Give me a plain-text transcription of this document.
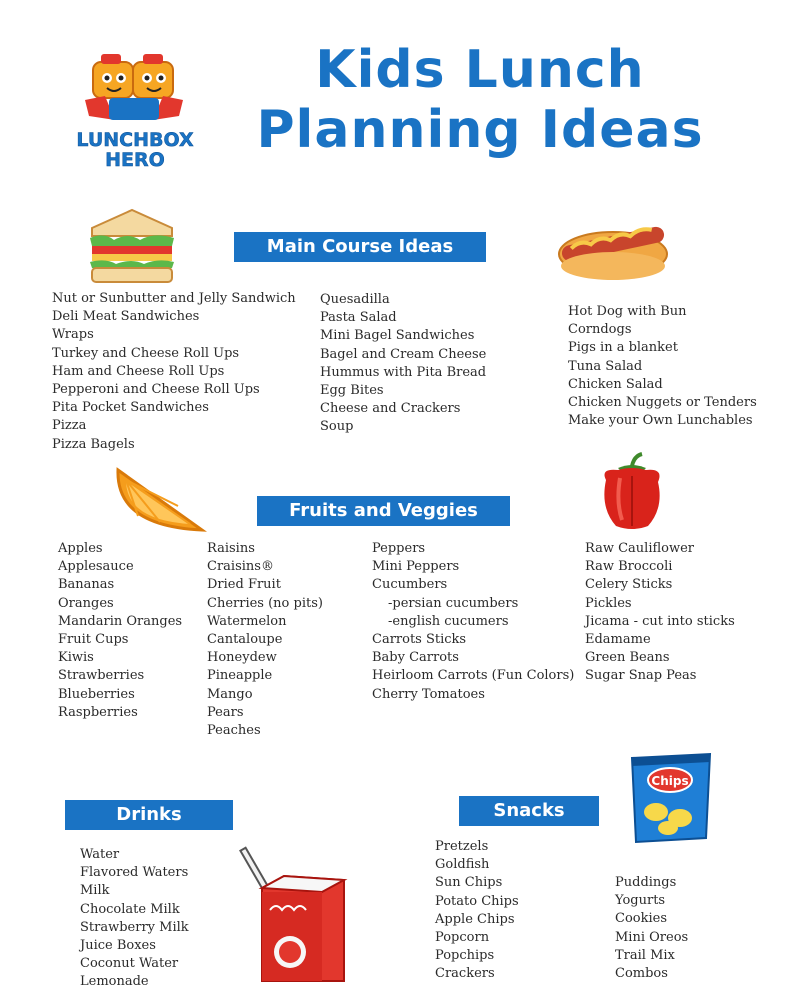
LUNCHBOX
HERO
Kids Lunch
Planning Ideas
Chips
Main Course Ideas
Nut or Sunbutter and Jelly Sandwich
Deli Meat Sandwiches
Wraps
Turkey and Cheese Roll Ups
Ham and Cheese Roll Ups
Pepperoni and Cheese Roll Ups
Pita Pocket Sandwiches
Pizza
Pizza Bagels
Quesadilla
Pasta Salad
Mini Bagel Sandwiches
Bagel and Cream Cheese
Hummus with Pita Bread
Egg Bites
Cheese and Crackers
Soup
Hot Dog with Bun
Corndogs
Pigs in a blanket
Tuna Salad
Chicken Salad
Chicken Nuggets or Tenders
Make your Own Lunchables
Fruits and Veggies
Apples
Applesauce
Bananas
Oranges
Mandarin Oranges
Fruit Cups
Kiwis
Strawberries
Blueberries
Raspberries
Raisins
Craisins®
Dried Fruit
Cherries (no pits)
Watermelon
Cantaloupe
Honeydew
Pineapple
Mango
Pears
Peaches
Peppers
Mini Peppers
Cucumbers
-persian cucumbers
-english cucumers
Carrots Sticks
Baby Carrots
Heirloom Carrots (Fun Colors)
Cherry Tomatoes
Raw Cauliflower
Raw Broccoli
Celery Sticks
Pickles
Jicama - cut into sticks
Edamame
Green Beans
Sugar Snap Peas
Drinks
Water
Flavored Waters
Milk
Chocolate Milk
Strawberry Milk
Juice Boxes
Coconut Water
Lemonade
Snacks
Pretzels
Goldfish
Sun Chips
Potato Chips
Apple Chips
Popcorn
Popchips
Crackers
Puddings
Yogurts
Cookies
Mini Oreos
Trail Mix
Combos
